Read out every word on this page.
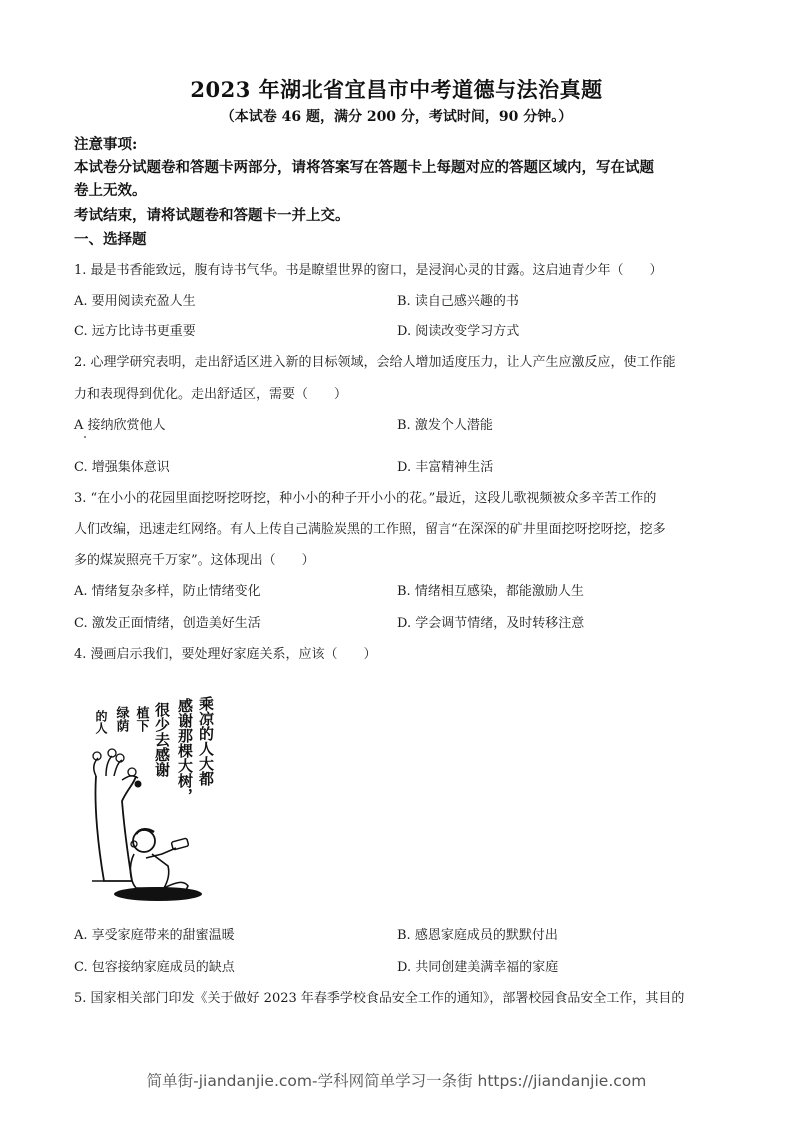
2023 年湖北省宜昌市中考道德与法治真题
（本试卷 46 题，满分 200 分，考试时间，90 分钟。）
注意事项:
本试卷分试题卷和答题卡两部分，请将答案写在答题卡上每题对应的答题区域内，写在试题
卷上无效。
考试结束，请将试题卷和答题卡一并上交。
一、选择题
1. 最是书香能致远，腹有诗书气华。书是瞭望世界的窗口，是浸润心灵的甘露。这启迪青少年（　　）
A. 要用阅读充盈人生	B. 读自己感兴趣的书
C. 远方比诗书更重要	D. 阅读改变学习方式
2. 心理学研究表明，走出舒适区进入新的目标领域，会给人增加适度压力，让人产生应激反应，使工作能
力和表现得到优化。走出舒适区，需要（　　）
A 接纳欣赏他人	B. 激发个人潜能
C. 增强集体意识	D. 丰富精神生活
3. “在小小的花园里面挖呀挖呀挖，种小小的种子开小小的花。”最近，这段儿歌视频被众多辛苦工作的
人们改编，迅速走红网络。有人上传自己满脸炭黑的工作照，留言“在深深的矿井里面挖呀挖呀挖，挖多
多的煤炭照亮千万家”。这体现出（　　）
A. 情绪复杂多样，防止情绪变化	B. 情绪相互感染，都能激励人生
C. 激发正面情绪，创造美好生活	D. 学会调节情绪，及时转移注意
4. 漫画启示我们，要处理好家庭关系，应该（　　）
乘凉的人大都
感谢那棵大树，
很少去感谢
植下
绿荫
的人
A. 享受家庭带来的甜蜜温暖	B. 感恩家庭成员的默默付出
C. 包容接纳家庭成员的缺点	D. 共同创建美满幸福的家庭
5. 国家相关部门印发《关于做好 2023 年春季学校食品安全工作的通知》，部署校园食品安全工作，其目的
简单街-jiandanjie.com-学科网简单学习一条街 https://jiandanjie.com
